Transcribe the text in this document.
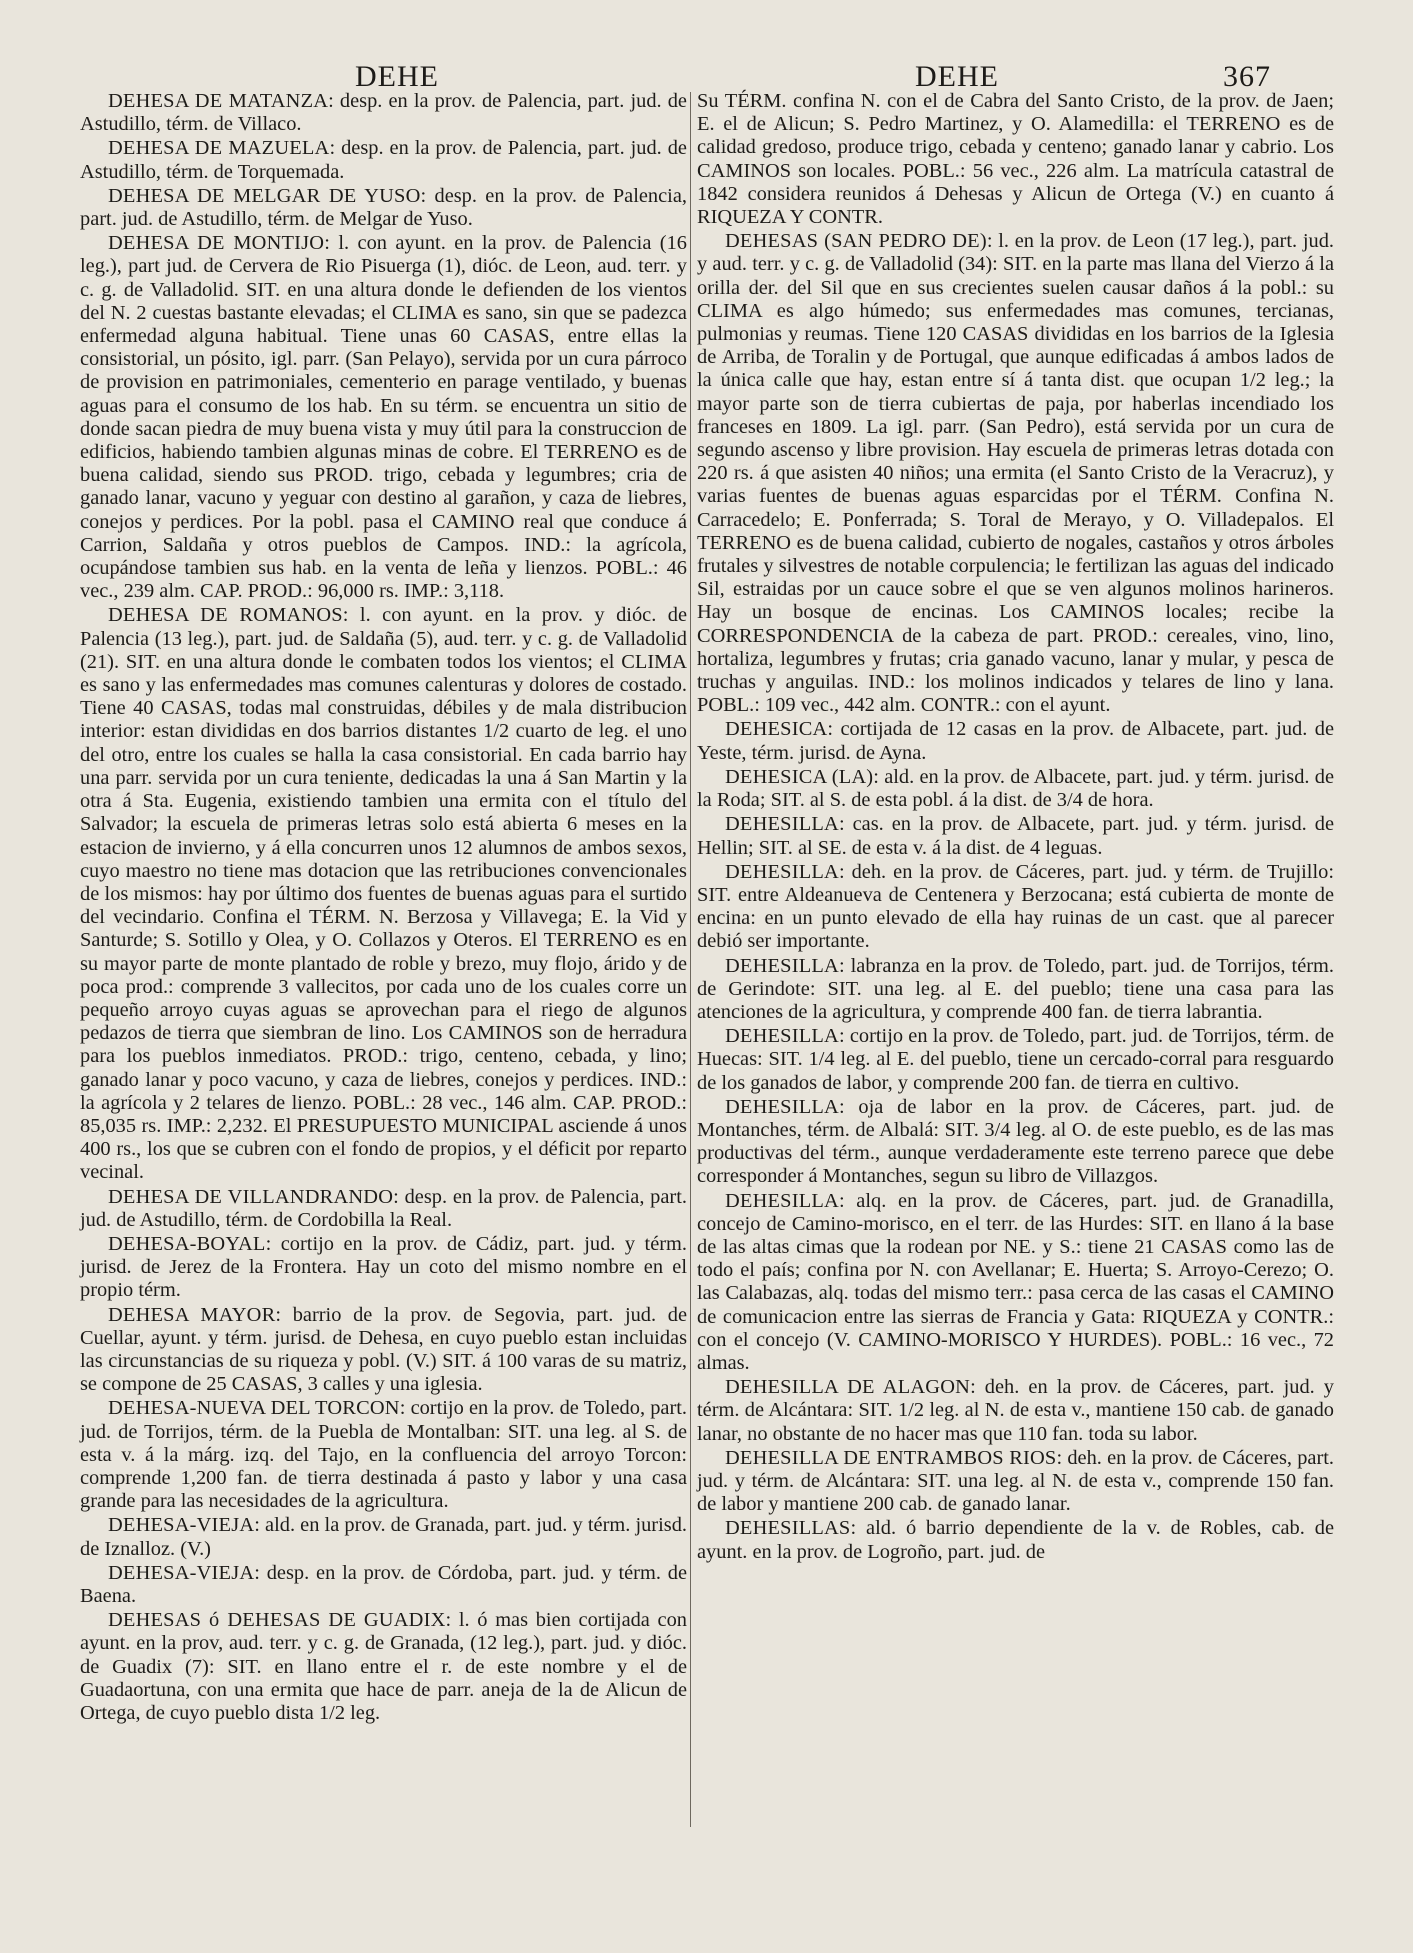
DEHE	DEHE	367

DEHESA DE MATANZA: desp. en la prov. de Palencia, part. jud. de Astudillo, térm. de Villaco.

DEHESA DE MAZUELA: desp. en la prov. de Palencia, part. jud. de Astudillo, térm. de Torquemada.

DEHESA DE MELGAR DE YUSO: desp. en la prov. de Palencia, part. jud. de Astudillo, térm. de Melgar de Yuso.

DEHESA DE MONTIJO: l. con ayunt. en la prov. de Palencia (16 leg.), part jud. de Cervera de Rio Pisuerga (1), dióc. de Leon, aud. terr. y c. g. de Valladolid. SIT. en una altura donde le defienden de los vientos del N. 2 cuestas bastante elevadas; el CLIMA es sano, sin que se padezca enfermedad alguna habitual. Tiene unas 60 CASAS, entre ellas la consistorial, un pósito, igl. parr. (San Pelayo), servida por un cura párroco de provision en patrimoniales, cementerio en parage ventilado, y buenas aguas para el consumo de los hab. En su térm. se encuentra un sitio de donde sacan piedra de muy buena vista y muy útil para la construccion de edificios, habiendo tambien algunas minas de cobre. El TERRENO es de buena calidad, siendo sus PROD. trigo, cebada y legumbres; cria de ganado lanar, vacuno y yeguar con destino al garañon, y caza de liebres, conejos y perdices. Por la pobl. pasa el CAMINO real que conduce á Carrion, Saldaña y otros pueblos de Campos. IND.: la agrícola, ocupándose tambien sus hab. en la venta de leña y lienzos. POBL.: 46 vec., 239 alm. CAP. PROD.: 96,000 rs. IMP.: 3,118.

DEHESA DE ROMANOS: l. con ayunt. en la prov. y dióc. de Palencia (13 leg.), part. jud. de Saldaña (5), aud. terr. y c. g. de Valladolid (21). SIT. en una altura donde le combaten todos los vientos; el CLIMA es sano y las enfermedades mas comunes calenturas y dolores de costado. Tiene 40 CASAS, todas mal construidas, débiles y de mala distribucion interior: estan divididas en dos barrios distantes 1/2 cuarto de leg. el uno del otro, entre los cuales se halla la casa consistorial. En cada barrio hay una parr. servida por un cura teniente, dedicadas la una á San Martin y la otra á Sta. Eugenia, existiendo tambien una ermita con el título del Salvador; la escuela de primeras letras solo está abierta 6 meses en la estacion de invierno, y á ella concurren unos 12 alumnos de ambos sexos, cuyo maestro no tiene mas dotacion que las retribuciones convencionales de los mismos: hay por último dos fuentes de buenas aguas para el surtido del vecindario. Confina el TÉRM. N. Berzosa y Villavega; E. la Vid y Santurde; S. Sotillo y Olea, y O. Collazos y Oteros. El TERRENO es en su mayor parte de monte plantado de roble y brezo, muy flojo, árido y de poca prod.: comprende 3 vallecitos, por cada uno de los cuales corre un pequeño arroyo cuyas aguas se aprovechan para el riego de algunos pedazos de tierra que siembran de lino. Los CAMINOS son de herradura para los pueblos inmediatos. PROD.: trigo, centeno, cebada, y lino; ganado lanar y poco vacuno, y caza de liebres, conejos y perdices. IND.: la agrícola y 2 telares de lienzo. POBL.: 28 vec., 146 alm. CAP. PROD.: 85,035 rs. IMP.: 2,232. El PRESUPUESTO MUNICIPAL asciende á unos 400 rs., los que se cubren con el fondo de propios, y el déficit por reparto vecinal.

DEHESA DE VILLANDRANDO: desp. en la prov. de Palencia, part. jud. de Astudillo, térm. de Cordobilla la Real.

DEHESA-BOYAL: cortijo en la prov. de Cádiz, part. jud. y térm. jurisd. de Jerez de la Frontera. Hay un coto del mismo nombre en el propio térm.

DEHESA MAYOR: barrio de la prov. de Segovia, part. jud. de Cuellar, ayunt. y térm. jurisd. de Dehesa, en cuyo pueblo estan incluidas las circunstancias de su riqueza y pobl. (V.) SIT. á 100 varas de su matriz, se compone de 25 CASAS, 3 calles y una iglesia.

DEHESA-NUEVA DEL TORCON: cortijo en la prov. de Toledo, part. jud. de Torrijos, térm. de la Puebla de Montalban: SIT. una leg. al S. de esta v. á la márg. izq. del Tajo, en la confluencia del arroyo Torcon: comprende 1,200 fan. de tierra destinada á pasto y labor y una casa grande para las necesidades de la agricultura.

DEHESA-VIEJA: ald. en la prov. de Granada, part. jud. y térm. jurisd. de Iznalloz. (V.)

DEHESA-VIEJA: desp. en la prov. de Córdoba, part. jud. y térm. de Baena.

DEHESAS ó DEHESAS DE GUADIX: l. ó mas bien cortijada con ayunt. en la prov, aud. terr. y c. g. de Granada, (12 leg.), part. jud. y dióc. de Guadix (7): SIT. en llano entre el r. de este nombre y el de Guadaortuna, con una ermita que hace de parr. aneja de la de Alicun de Ortega, de cuyo pueblo dista 1/2 leg.

Su TÉRM. confina N. con el de Cabra del Santo Cristo, de la prov. de Jaen; E. el de Alicun; S. Pedro Martinez, y O. Alamedilla: el TERRENO es de calidad gredoso, produce trigo, cebada y centeno; ganado lanar y cabrio. Los CAMINOS son locales. POBL.: 56 vec., 226 alm. La matrícula catastral de 1842 considera reunidos á Dehesas y Alicun de Ortega (V.) en cuanto á RIQUEZA Y CONTR.

DEHESAS (SAN PEDRO DE): l. en la prov. de Leon (17 leg.), part. jud. y aud. terr. y c. g. de Valladolid (34): SIT. en la parte mas llana del Vierzo á la orilla der. del Sil que en sus crecientes suelen causar daños á la pobl.: su CLIMA es algo húmedo; sus enfermedades mas comunes, tercianas, pulmonias y reumas. Tiene 120 CASAS divididas en los barrios de la Iglesia de Arriba, de Toralin y de Portugal, que aunque edificadas á ambos lados de la única calle que hay, estan entre sí á tanta dist. que ocupan 1/2 leg.; la mayor parte son de tierra cubiertas de paja, por haberlas incendiado los franceses en 1809. La igl. parr. (San Pedro), está servida por un cura de segundo ascenso y libre provision. Hay escuela de primeras letras dotada con 220 rs. á que asisten 40 niños; una ermita (el Santo Cristo de la Veracruz), y varias fuentes de buenas aguas esparcidas por el TÉRM. Confina N. Carracedelo; E. Ponferrada; S. Toral de Merayo, y O. Villadepalos. El TERRENO es de buena calidad, cubierto de nogales, castaños y otros árboles frutales y silvestres de notable corpulencia; le fertilizan las aguas del indicado Sil, estraidas por un cauce sobre el que se ven algunos molinos harineros. Hay un bosque de encinas. Los CAMINOS locales; recibe la CORRESPONDENCIA de la cabeza de part. PROD.: cereales, vino, lino, hortaliza, legumbres y frutas; cria ganado vacuno, lanar y mular, y pesca de truchas y anguilas. IND.: los molinos indicados y telares de lino y lana. POBL.: 109 vec., 442 alm. CONTR.: con el ayunt.

DEHESICA: cortijada de 12 casas en la prov. de Albacete, part. jud. de Yeste, térm. jurisd. de Ayna.

DEHESICA (LA): ald. en la prov. de Albacete, part. jud. y térm. jurisd. de la Roda; SIT. al S. de esta pobl. á la dist. de 3/4 de hora.

DEHESILLA: cas. en la prov. de Albacete, part. jud. y térm. jurisd. de Hellin; SIT. al SE. de esta v. á la dist. de 4 leguas.

DEHESILLA: deh. en la prov. de Cáceres, part. jud. y térm. de Trujillo: SIT. entre Aldeanueva de Centenera y Berzocana; está cubierta de monte de encina: en un punto elevado de ella hay ruinas de un cast. que al parecer debió ser importante.

DEHESILLA: labranza en la prov. de Toledo, part. jud. de Torrijos, térm. de Gerindote: SIT. una leg. al E. del pueblo; tiene una casa para las atenciones de la agricultura, y comprende 400 fan. de tierra labrantia.

DEHESILLA: cortijo en la prov. de Toledo, part. jud. de Torrijos, térm. de Huecas: SIT. 1/4 leg. al E. del pueblo, tiene un cercado-corral para resguardo de los ganados de labor, y comprende 200 fan. de tierra en cultivo.

DEHESILLA: oja de labor en la prov. de Cáceres, part. jud. de Montanches, térm. de Albalá: SIT. 3/4 leg. al O. de este pueblo, es de las mas productivas del térm., aunque verdaderamente este terreno parece que debe corresponder á Montanches, segun su libro de Villazgos.

DEHESILLA: alq. en la prov. de Cáceres, part. jud. de Granadilla, concejo de Camino-morisco, en el terr. de las Hurdes: SIT. en llano á la base de las altas cimas que la rodean por NE. y S.: tiene 21 CASAS como las de todo el país; confina por N. con Avellanar; E. Huerta; S. Arroyo-Cerezo; O. las Calabazas, alq. todas del mismo terr.: pasa cerca de las casas el CAMINO de comunicacion entre las sierras de Francia y Gata: RIQUEZA y CONTR.: con el concejo (V. CAMINO-MORISCO Y HURDES). POBL.: 16 vec., 72 almas.

DEHESILLA DE ALAGON: deh. en la prov. de Cáceres, part. jud. y térm. de Alcántara: SIT. 1/2 leg. al N. de esta v., mantiene 150 cab. de ganado lanar, no obstante de no hacer mas que 110 fan. toda su labor.

DEHESILLA DE ENTRAMBOS RIOS: deh. en la prov. de Cáceres, part. jud. y térm. de Alcántara: SIT. una leg. al N. de esta v., comprende 150 fan. de labor y mantiene 200 cab. de ganado lanar.

DEHESILLAS: ald. ó barrio dependiente de la v. de Robles, cab. de ayunt. en la prov. de Logroño, part. jud. de
